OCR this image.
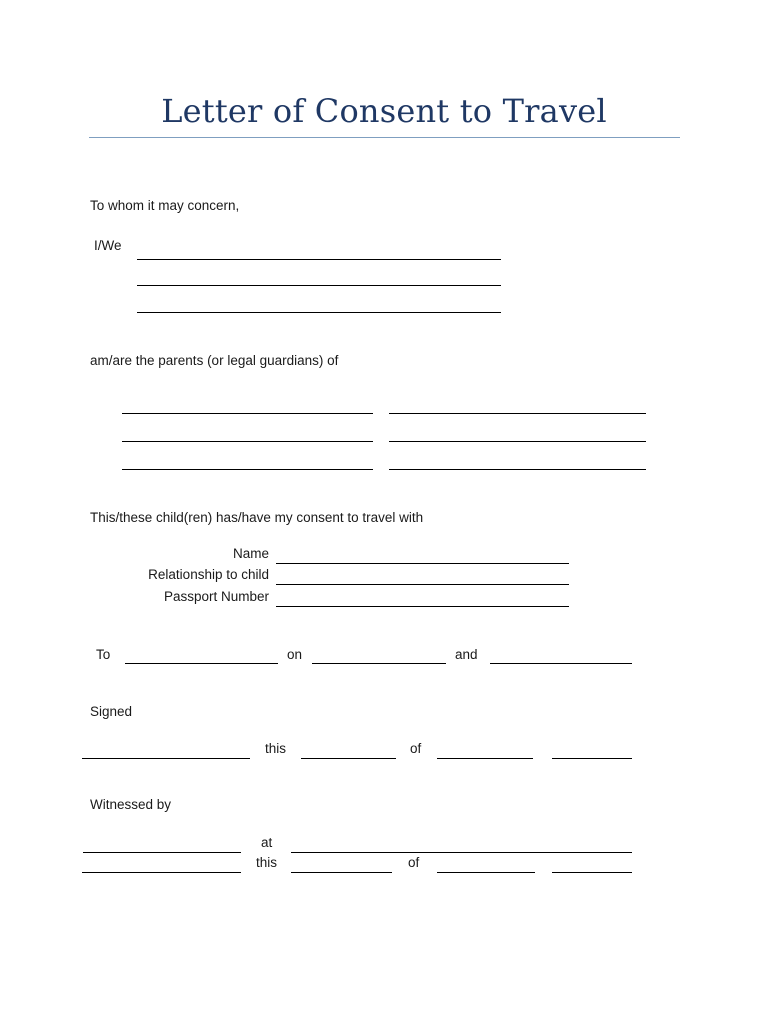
Letter of Consent to Travel
To whom it may concern,
I/We
am/are the parents (or legal guardians) of
This/these child(ren) has/have my consent to travel with
Name
Relationship to child
Passport Number
To	on	and
Signed
this	of
Witnessed by
at
this	of
